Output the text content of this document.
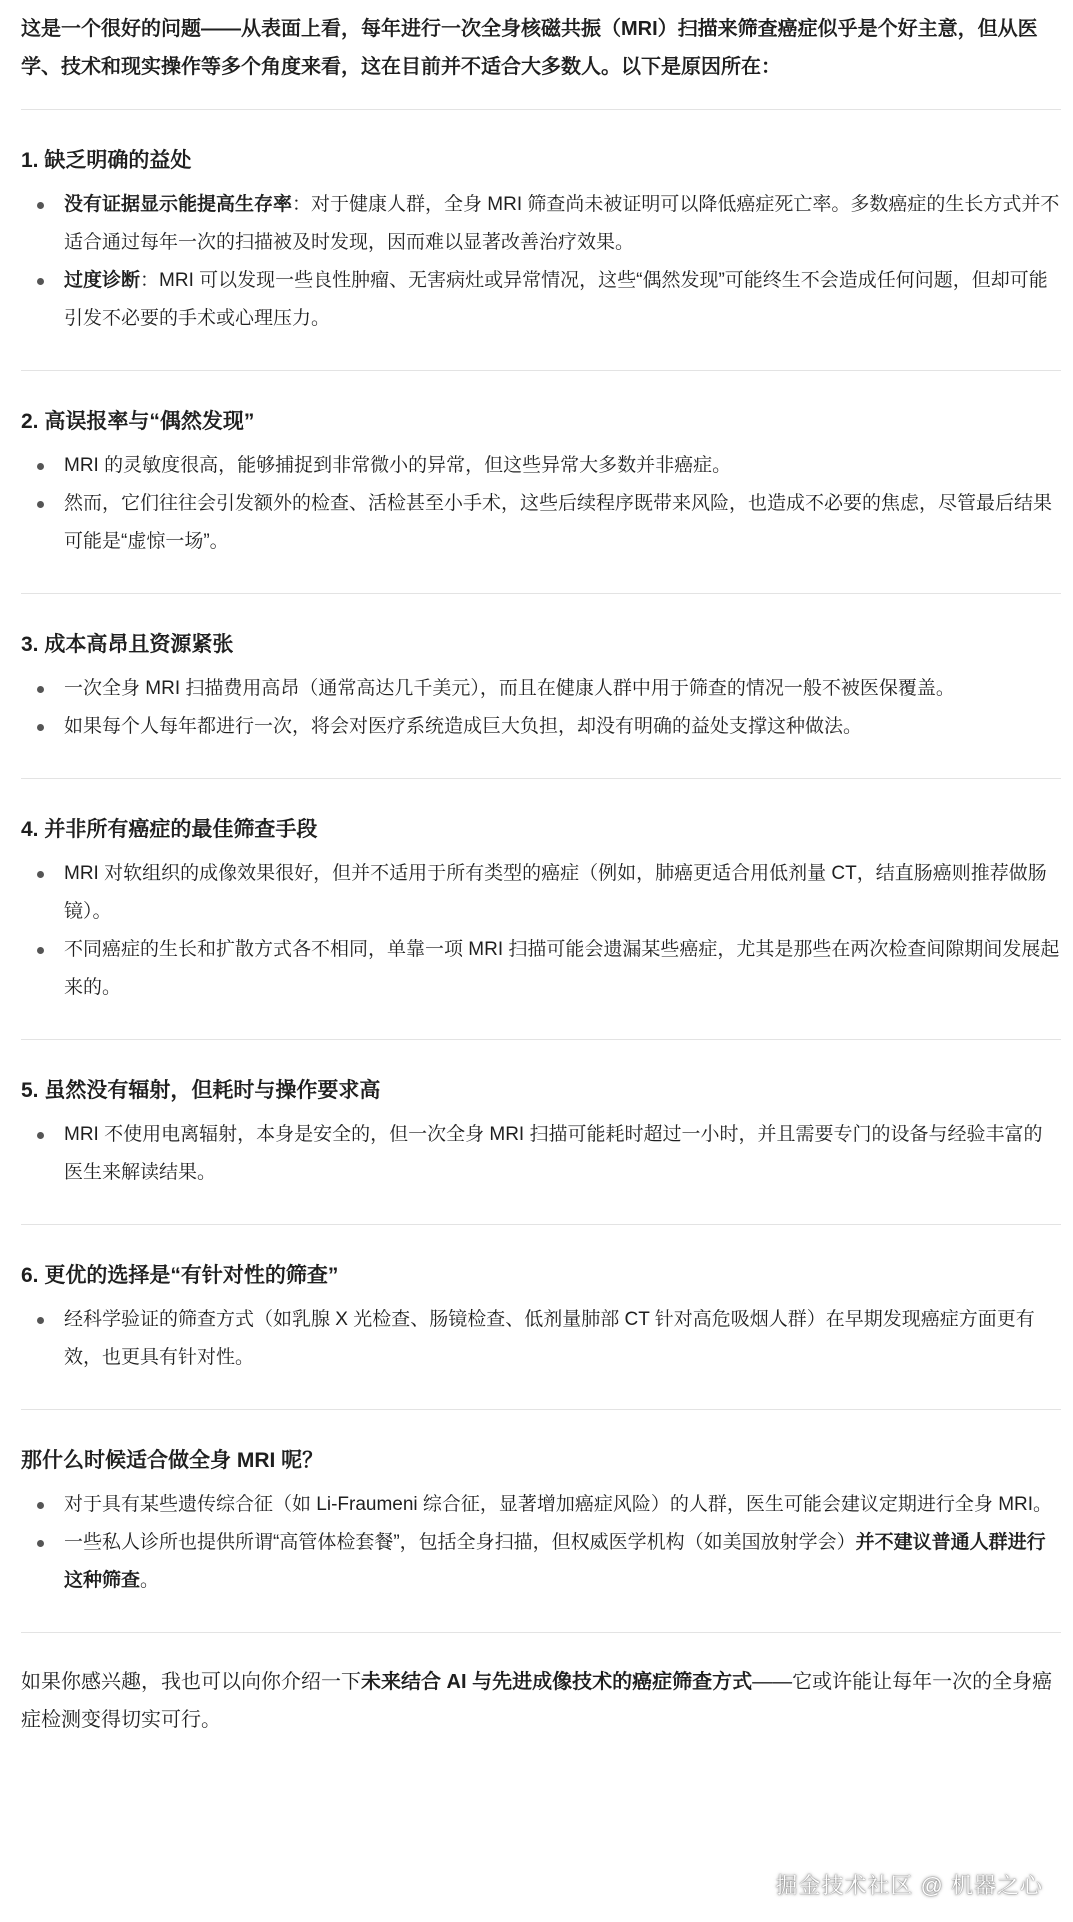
这是一个很好的问题——从表面上看，每年进行一次全身核磁共振（MRI）扫描来筛查癌症似乎是个好主意，但从医学、技术和现实操作等多个角度来看，这在目前并不适合大多数人。以下是原因所在：

1. 缺乏明确的益处
没有证据显示能提高生存率：对于健康人群，全身 MRI 筛查尚未被证明可以降低癌症死亡率。多数癌症的生长方式并不适合通过每年一次的扫描被及时发现，因而难以显著改善治疗效果。
过度诊断：MRI 可以发现一些良性肿瘤、无害病灶或异常情况，这些“偶然发现”可能终生不会造成任何问题，但却可能引发不必要的手术或心理压力。
2. 高误报率与“偶然发现”
MRI 的灵敏度很高，能够捕捉到非常微小的异常，但这些异常大多数并非癌症。
然而，它们往往会引发额外的检查、活检甚至小手术，这些后续程序既带来风险，也造成不必要的焦虑，尽管最后结果可能是“虚惊一场”。
3. 成本高昂且资源紧张
一次全身 MRI 扫描费用高昂（通常高达几千美元），而且在健康人群中用于筛查的情况一般不被医保覆盖。
如果每个人每年都进行一次，将会对医疗系统造成巨大负担，却没有明确的益处支撑这种做法。
4. 并非所有癌症的最佳筛查手段
MRI 对软组织的成像效果很好，但并不适用于所有类型的癌症（例如，肺癌更适合用低剂量 CT，结直肠癌则推荐做肠镜）。
不同癌症的生长和扩散方式各不相同，单靠一项 MRI 扫描可能会遗漏某些癌症，尤其是那些在两次检查间隙期间发展起来的。
5. 虽然没有辐射，但耗时与操作要求高
MRI 不使用电离辐射，本身是安全的，但一次全身 MRI 扫描可能耗时超过一小时，并且需要专门的设备与经验丰富的医生来解读结果。
6. 更优的选择是“有针对性的筛查”
经科学验证的筛查方式（如乳腺 X 光检查、肠镜检查、低剂量肺部 CT 针对高危吸烟人群）在早期发现癌症方面更有效，也更具有针对性。
那什么时候适合做全身 MRI 呢？
对于具有某些遗传综合征（如 Li-Fraumeni 综合征，显著增加癌症风险）的人群，医生可能会建议定期进行全身 MRI。
一些私人诊所也提供所谓“高管体检套餐”，包括全身扫描，但权威医学机构（如美国放射学会）并不建议普通人群进行这种筛查。

如果你感兴趣，我也可以向你介绍一下未来结合 AI 与先进成像技术的癌症筛查方式——它或许能让每年一次的全身癌症检测变得切实可行。

掘金技术社区 @ 机器之心
